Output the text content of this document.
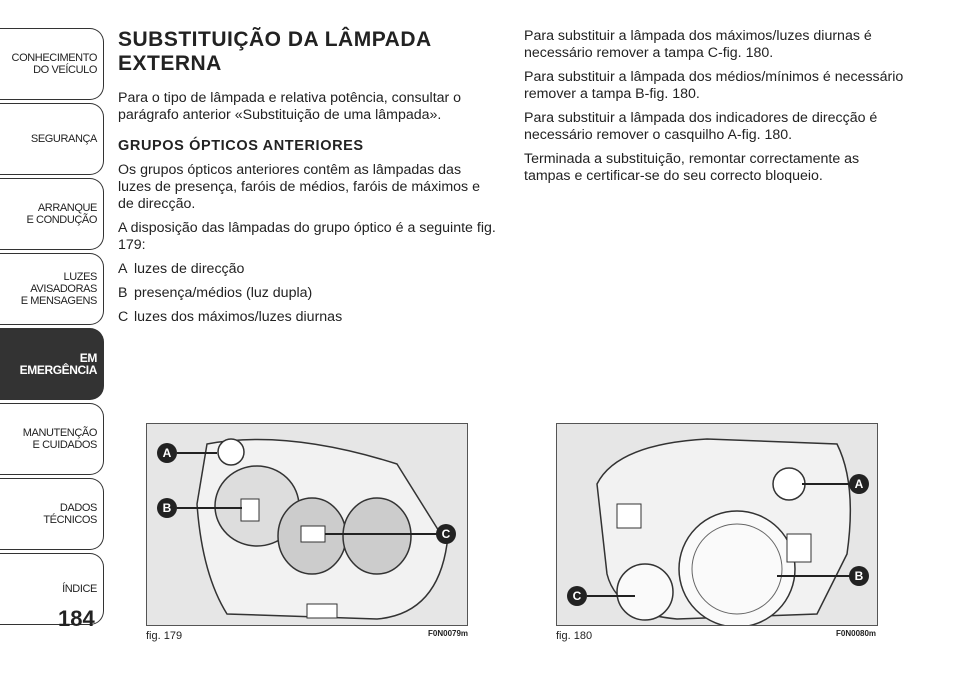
CONHECIMENTO
DO VEÍCULO
SEGURANÇA
ARRANQUE
E CONDUÇÃO
LUZES
AVISADORAS
E MENSAGENS
EM EMERGÊNCIA
MANUTENÇÃO
E CUIDADOS
DADOS
TÉCNICOS
ÍNDICE
184
SUBSTITUIÇÃO DA LÂMPADA
EXTERNA

Para o tipo de lâmpada e relativa potência, consultar o parágrafo anterior «Substituição de uma lâmpada».

GRUPOS ÓPTICOS ANTERIORES

Os grupos ópticos anteriores contêm as lâmpadas das luzes de presença, faróis de médios, faróis de máximos e de direcção.

A disposição das lâmpadas do grupo óptico é a seguinte fig. 179:

A luzes de direcção
B presença/médios (luz dupla)
C luzes dos máximos/luzes diurnas

Para substituir a lâmpada dos máximos/luzes diurnas é necessário remover a tampa C-fig. 180.

Para substituir a lâmpada dos médios/mínimos é necessário remover a tampa B-fig. 180.

Para substituir a lâmpada dos indicadores de direcção é necessário remover o casquilho A-fig. 180.

Terminada a substituição, remontar correctamente as tampas e certificar-se do seu correcto bloqueio.

A
B
C
fig. 179	F0N0079m
A
B
C
fig. 180	F0N0080m
